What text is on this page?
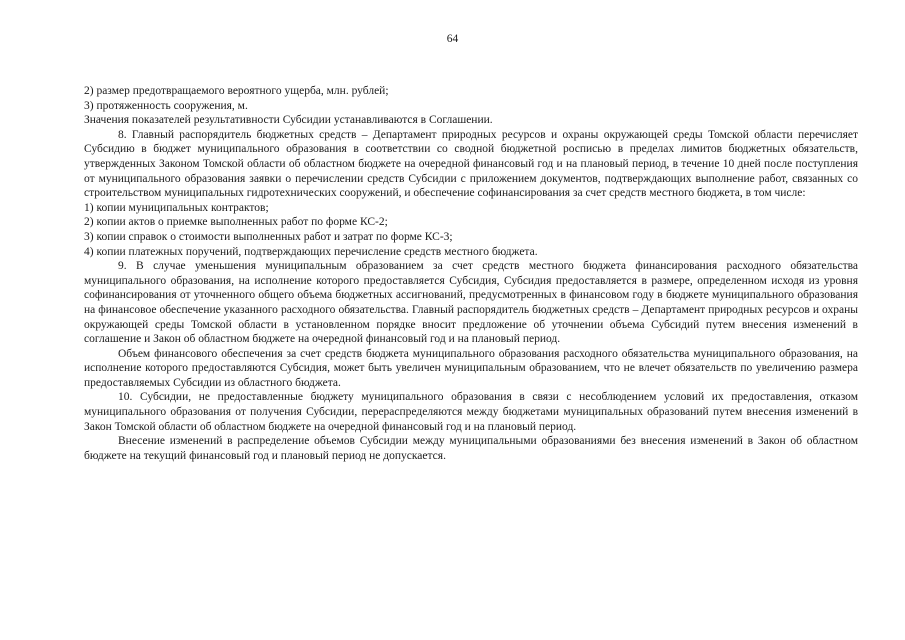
64

2) размер предотвращаемого вероятного ущерба, млн. рублей;

3) протяженность сооружения, м.

Значения показателей результативности Субсидии устанавливаются в Соглашении.

8. Главный распорядитель бюджетных средств – Департамент природных ресурсов и охраны окружающей среды Томской области перечисляет Субсидию в бюджет муниципального образования в соответствии со сводной бюджетной росписью в пределах лимитов бюджетных обязательств, утвержденных Законом Томской области об областном бюджете на очередной финансовый год и на плановый период, в течение 10 дней после поступления от муниципального образования заявки о перечислении средств Субсидии с приложением документов, подтверждающих выполнение работ, связанных со строительством муниципальных гидротехнических сооружений, и обеспечение софинансирования за счет средств местного бюджета, в том числе:

1) копии муниципальных контрактов;

2) копии актов о приемке выполненных работ по форме КС-2;

3) копии справок о стоимости выполненных работ и затрат по форме КС-3;

4) копии платежных поручений, подтверждающих перечисление средств местного бюджета.

9. В случае уменьшения муниципальным образованием за счет средств местного бюджета финансирования расходного обязательства муниципального образования, на исполнение которого предоставляется Субсидия, Субсидия предоставляется в размере, определенном исходя из уровня софинансирования от уточненного общего объема бюджетных ассигнований, предусмотренных в финансовом году в бюджете муниципального образования на финансовое обеспечение указанного расходного обязательства. Главный распорядитель бюджетных средств – Департамент природных ресурсов и охраны окружающей среды Томской области в установленном порядке вносит предложение об уточнении объема Субсидий путем внесения изменений в соглашение и Закон об областном бюджете на очередной финансовый год и на плановый период.

Объем финансового обеспечения за счет средств бюджета муниципального образования расходного обязательства муниципального образования, на исполнение которого предоставляются Субсидия, может быть увеличен муниципальным образованием, что не влечет обязательств по увеличению размера предоставляемых Субсидии из областного бюджета.

10. Субсидии, не предоставленные бюджету муниципального образования в связи с несоблюдением условий их предоставления, отказом муниципального образования от получения Субсидии, перераспределяются между бюджетами муниципальных образований путем внесения изменений в Закон Томской области об областном бюджете на очередной финансовый год и на плановый период.

Внесение изменений в распределение объемов Субсидии между муниципальными образованиями без внесения изменений в Закон об областном бюджете на текущий финансовый год и плановый период не допускается.
